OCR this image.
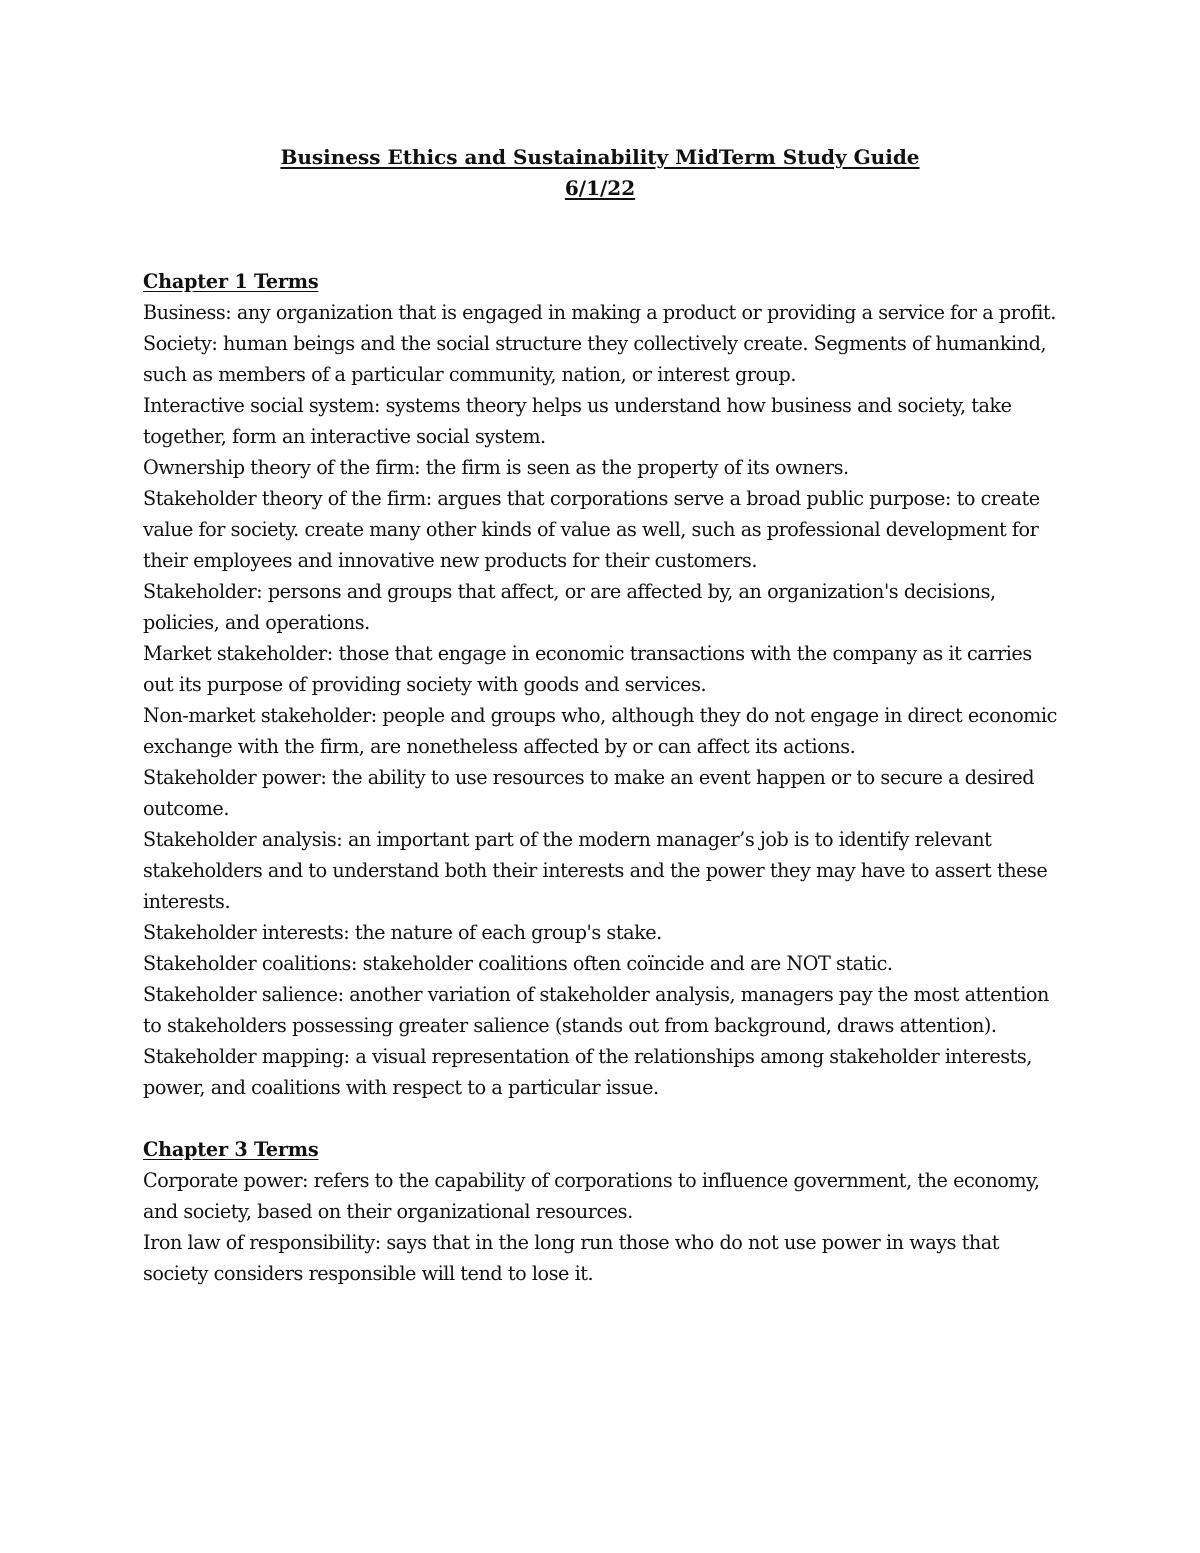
Business Ethics and Sustainability MidTerm Study Guide
6/1/22
Chapter 1 Terms
Business: any organization that is engaged in making a product or providing a service for a profit.
Society: human beings and the social structure they collectively create. Segments of humankind, such as members of a particular community, nation, or interest group.
Interactive social system: systems theory helps us understand how business and society, take together, form an interactive social system.
Ownership theory of the firm: the firm is seen as the property of its owners.
Stakeholder theory of the firm: argues that corporations serve a broad public purpose: to create value for society. create many other kinds of value as well, such as professional development for their employees and innovative new products for their customers.
Stakeholder: persons and groups that affect, or are affected by, an organization's decisions, policies, and operations.
Market stakeholder: those that engage in economic transactions with the company as it carries out its purpose of providing society with goods and services.
Non-market stakeholder: people and groups who, although they do not engage in direct economic exchange with the firm, are nonetheless affected by or can affect its actions.
Stakeholder power: the ability to use resources to make an event happen or to secure a desired outcome.
Stakeholder analysis: an important part of the modern manager’s job is to identify relevant stakeholders and to understand both their interests and the power they may have to assert these interests.
Stakeholder interests: the nature of each group's stake.
Stakeholder coalitions: stakeholder coalitions often coïncide and are NOT static.
Stakeholder salience: another variation of stakeholder analysis, managers pay the most attention to stakeholders possessing greater salience (stands out from background, draws attention).
Stakeholder mapping: a visual representation of the relationships among stakeholder interests, power, and coalitions with respect to a particular issue.
Chapter 3 Terms
Corporate power: refers to the capability of corporations to influence government, the economy, and society, based on their organizational resources.
Iron law of responsibility: says that in the long run those who do not use power in ways that society considers responsible will tend to lose it.
